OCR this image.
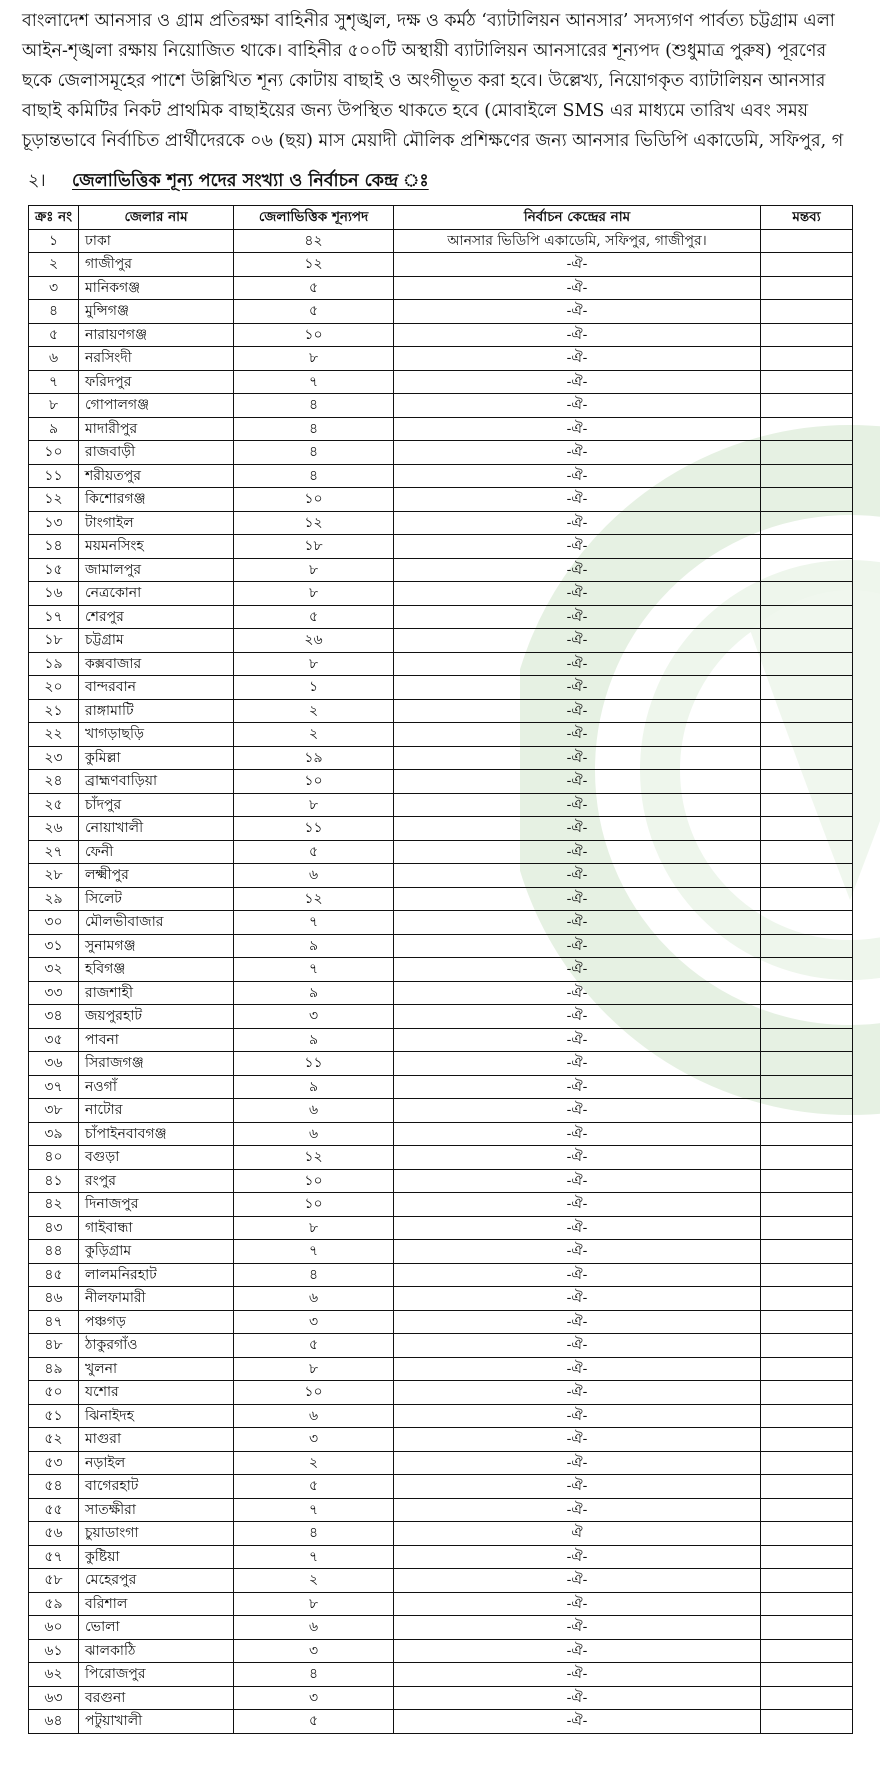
বাংলাদেশ আনসার ও গ্রাম প্রতিরক্ষা বাহিনীর সুশৃঙ্খল, দক্ষ ও কর্মঠ ‘ব্যাটালিয়ন আনসার’ সদস্যগণ পার্বত্য চট্টগ্রাম এলা
আইন-শৃঙ্খলা রক্ষায় নিয়োজিত থাকে। বাহিনীর ৫০০টি অস্থায়ী ব্যাটালিয়ন আনসারের শূন্যপদ (শুধুমাত্র পুরুষ) পূরণের
ছকে জেলাসমূহের পাশে উল্লিখিত শূন্য কোটায় বাছাই ও অংগীভূত করা হবে। উল্লেখ্য, নিয়োগকৃত ব্যাটালিয়ন আনসার
বাছাই কমিটির নিকট প্রাথমিক বাছাইয়ের জন্য উপস্থিত থাকতে হবে (মোবাইলে SMS এর মাধ্যমে তারিখ এবং সময়
চূড়ান্তভাবে নির্বাচিত প্রার্থীদেরকে ০৬ (ছয়) মাস মেয়াদী মৌলিক প্রশিক্ষণের জন্য আনসার ভিডিপি একাডেমি, সফিপুর, গ
২। জেলাভিত্তিক শূন্য পদের সংখ্যা ও নির্বাচন কেন্দ্র ঃ
ক্রঃ নং	জেলার নাম	জেলাভিত্তিক শূন্যপদ	নির্বাচন কেন্দ্রের নাম	মন্তব্য
১	ঢাকা	৪২	আনসার ভিডিপি একাডেমি, সফিপুর, গাজীপুর।	
২	গাজীপুর	১২	-ঐ-	
৩	মানিকগঞ্জ	৫	-ঐ-	
৪	মুন্সিগঞ্জ	৫	-ঐ-	
৫	নারায়ণগঞ্জ	১০	-ঐ-	
৬	নরসিংদী	৮	-ঐ-	
৭	ফরিদপুর	৭	-ঐ-	
৮	গোপালগঞ্জ	৪	-ঐ-	
৯	মাদারীপুর	৪	-ঐ-	
১০	রাজবাড়ী	৪	-ঐ-	
১১	শরীয়তপুর	৪	-ঐ-	
১২	কিশোরগঞ্জ	১০	-ঐ-	
১৩	টাংগাইল	১২	-ঐ-	
১৪	ময়মনসিংহ	১৮	-ঐ-	
১৫	জামালপুর	৮	-ঐ-	
১৬	নেত্রকোনা	৮	-ঐ-	
১৭	শেরপুর	৫	-ঐ-	
১৮	চট্টগ্রাম	২৬	-ঐ-	
১৯	কক্সবাজার	৮	-ঐ-	
২০	বান্দরবান	১	-ঐ-	
২১	রাঙ্গামাটি	২	-ঐ-	
২২	খাগড়াছড়ি	২	-ঐ-	
২৩	কুমিল্লা	১৯	-ঐ-	
২৪	ব্রাহ্মণবাড়িয়া	১০	-ঐ-	
২৫	চাঁদপুর	৮	-ঐ-	
২৬	নোয়াখালী	১১	-ঐ-	
২৭	ফেনী	৫	-ঐ-	
২৮	লক্ষ্মীপুর	৬	-ঐ-	
২৯	সিলেট	১২	-ঐ-	
৩০	মৌলভীবাজার	৭	-ঐ-	
৩১	সুনামগঞ্জ	৯	-ঐ-	
৩২	হবিগঞ্জ	৭	-ঐ-	
৩৩	রাজশাহী	৯	-ঐ-	
৩৪	জয়পুরহাট	৩	-ঐ-	
৩৫	পাবনা	৯	-ঐ-	
৩৬	সিরাজগঞ্জ	১১	-ঐ-	
৩৭	নওগাঁ	৯	-ঐ-	
৩৮	নাটোর	৬	-ঐ-	
৩৯	চাঁপাইনবাবগঞ্জ	৬	-ঐ-	
৪০	বগুড়া	১২	-ঐ-	
৪১	রংপুর	১০	-ঐ-	
৪২	দিনাজপুর	১০	-ঐ-	
৪৩	গাইবান্ধা	৮	-ঐ-	
৪৪	কুড়িগ্রাম	৭	-ঐ-	
৪৫	লালমনিরহাট	৪	-ঐ-	
৪৬	নীলফামারী	৬	-ঐ-	
৪৭	পঞ্চগড়	৩	-ঐ-	
৪৮	ঠাকুরগাঁও	৫	-ঐ-	
৪৯	খুলনা	৮	-ঐ-	
৫০	যশোর	১০	-ঐ-	
৫১	ঝিনাইদহ	৬	-ঐ-	
৫২	মাগুরা	৩	-ঐ-	
৫৩	নড়াইল	২	-ঐ-	
৫৪	বাগেরহাট	৫	-ঐ-	
৫৫	সাতক্ষীরা	৭	-ঐ-	
৫৬	চুয়াডাংগা	৪	ঐ	
৫৭	কুষ্টিয়া	৭	-ঐ-	
৫৮	মেহেরপুর	২	-ঐ-	
৫৯	বরিশাল	৮	-ঐ-	
৬০	ভোলা	৬	-ঐ-	
৬১	ঝালকাঠি	৩	-ঐ-	
৬২	পিরোজপুর	৪	-ঐ-	
৬৩	বরগুনা	৩	-ঐ-	
৬৪	পটুয়াখালী	৫	-ঐ-	
